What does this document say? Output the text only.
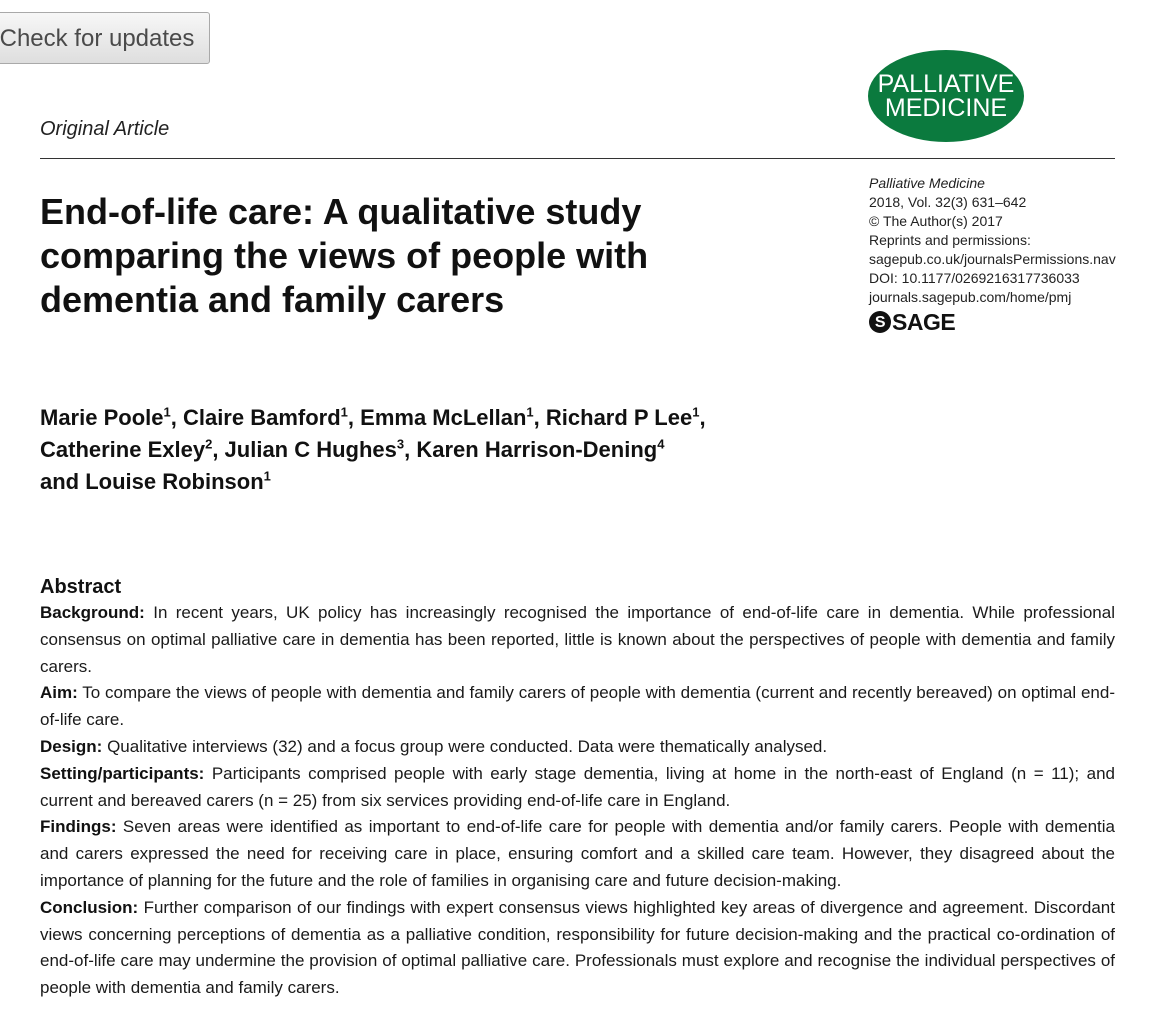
Check for updates
Original Article
PALLIATIVE
MEDICINE
End-of-life care: A qualitative study comparing the views of people with dementia and family carers
Palliative Medicine
2018, Vol. 32(3) 631–642
© The Author(s) 2017
Reprints and permissions:
sagepub.co.uk/journalsPermissions.nav
DOI: 10.1177/0269216317736033
journals.sagepub.com/home/pmj
S SAGE
Marie Poole$^1$, Claire Bamford$^1$, Emma McLellan$^1$, Richard P Lee$^1$,
Catherine Exley$^2$, Julian C Hughes$^3$, Karen Harrison-Dening$^4$
and Louise Robinson$^1$
Abstract

Background: In recent years, UK policy has increasingly recognised the importance of end-of-life care in dementia. While professional consensus on optimal palliative care in dementia has been reported, little is known about the perspectives of people with dementia and family carers.

Aim: To compare the views of people with dementia and family carers of people with dementia (current and recently bereaved) on optimal end-of-life care.

Design: Qualitative interviews (32) and a focus group were conducted. Data were thematically analysed.

Setting/participants: Participants comprised people with early stage dementia, living at home in the north-east of England (n = 11); and current and bereaved carers (n = 25) from six services providing end-of-life care in England.

Findings: Seven areas were identified as important to end-of-life care for people with dementia and/or family carers. People with dementia and carers expressed the need for receiving care in place, ensuring comfort and a skilled care team. However, they disagreed about the importance of planning for the future and the role of families in organising care and future decision-making.

Conclusion: Further comparison of our findings with expert consensus views highlighted key areas of divergence and agreement. Discordant views concerning perceptions of dementia as a palliative condition, responsibility for future decision-making and the practical co-ordination of end-of-life care may undermine the provision of optimal palliative care. Professionals must explore and recognise the individual perspectives of people with dementia and family carers.
